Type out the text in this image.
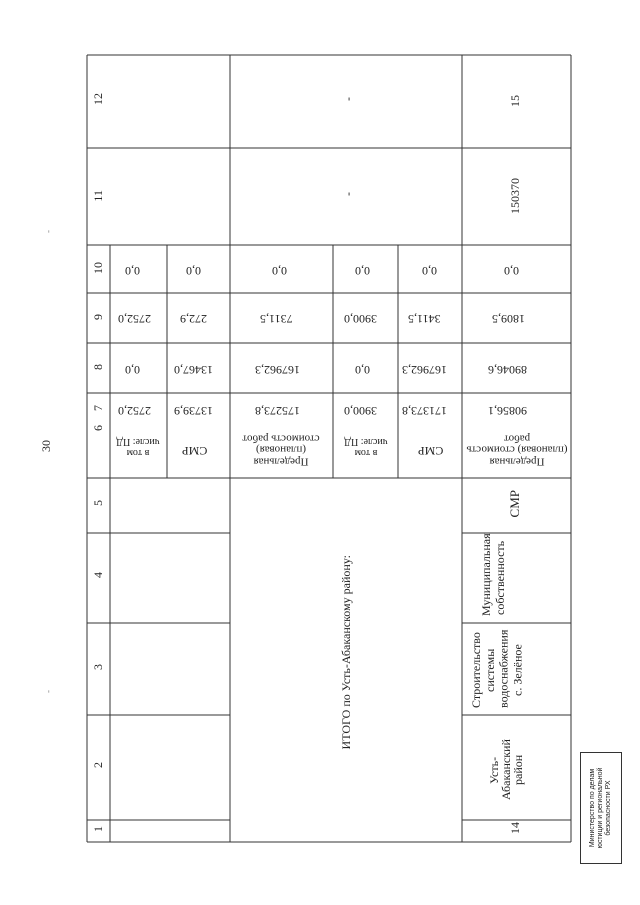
30
-
-
12
11
10
9
8
7
6
5
4
3
2
1
0,0	0,0
2752,0 272,9
0,0	13467,0
2752,0 13739,9
в том числе: ПД
СМР
ИТОГО по Усть-Абаканскому району:
-
-
0,0
7311,5
167962,3
175273,8
Предельная (плановая) стоимость работ
0,0
3900,0
0,0
3900,0
в том числе: ПД
0,0
3411,5
167962,3
171373,8
СМР
14
Усть-Абаканский район
Строительство системы водоснабжения с. Зелёное
Муниципальная собственность
СМР
Предельная (плановая) стоимость работ
90856,1
89046,6
1809,5
0,0
150370
15
Министерство по делам юстиции и региональной безопасности РХ
